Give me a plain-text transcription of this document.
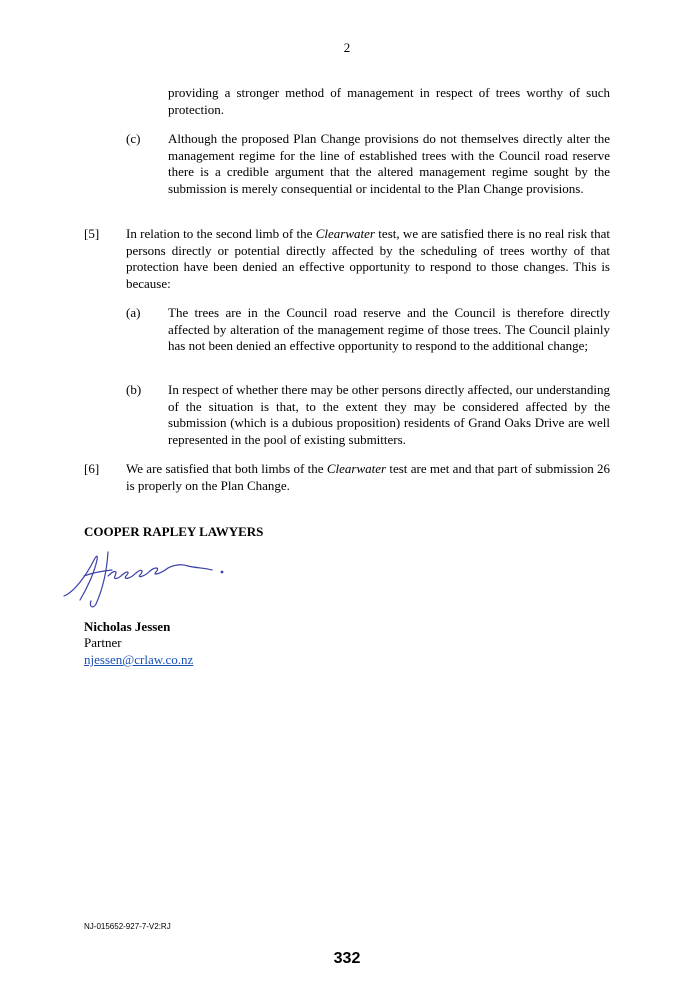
2
providing a stronger method of management in respect of trees worthy of such protection.
(c) Although the proposed Plan Change provisions do not themselves directly alter the management regime for the line of established trees with the Council road reserve there is a credible argument that the altered management regime sought by the submission is merely consequential or incidental to the Plan Change provisions.
[5] In relation to the second limb of the Clearwater test, we are satisfied there is no real risk that persons directly or potential directly affected by the scheduling of trees worthy of that protection have been denied an effective opportunity to respond to those changes. This is because:
(a) The trees are in the Council road reserve and the Council is therefore directly affected by alteration of the management regime of those trees. The Council plainly has not been denied an effective opportunity to respond to the additional change;
(b) In respect of whether there may be other persons directly affected, our understanding of the situation is that, to the extent they may be considered affected by the submission (which is a dubious proposition) residents of Grand Oaks Drive are well represented in the pool of existing submitters.
[6] We are satisfied that both limbs of the Clearwater test are met and that part of submission 26 is properly on the Plan Change.
COOPER RAPLEY LAWYERS
Nicholas Jessen
Partner
njessen@crlaw.co.nz
NJ-015652-927-7-V2:RJ
332
